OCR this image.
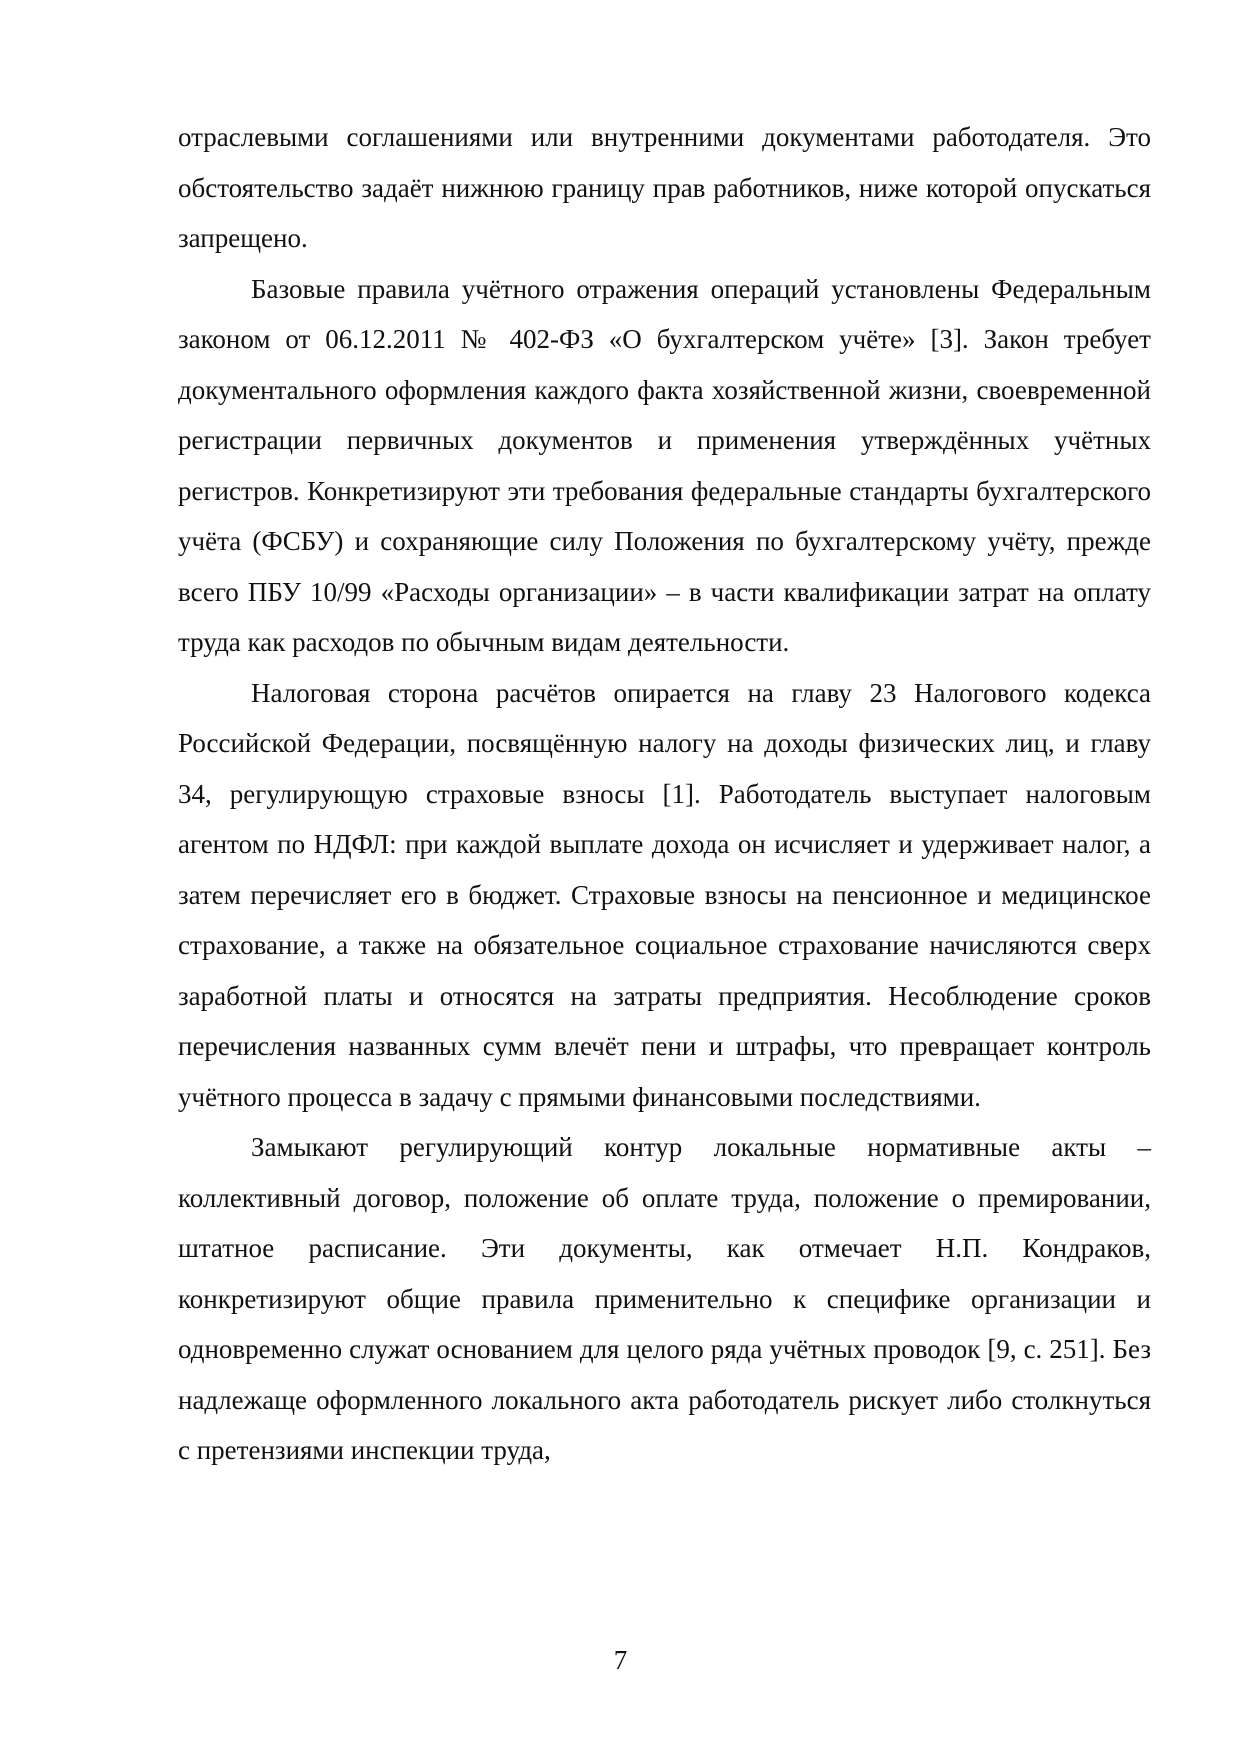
отраслевыми соглашениями или внутренними документами работодателя. Это обстоятельство задаёт нижнюю границу прав работников, ниже которой опускаться запрещено.

Базовые правила учётного отражения операций установлены Федеральным законом от 06.12.2011 № 402-ФЗ «О бухгалтерском учёте» [3]. Закон требует документального оформления каждого факта хозяйственной жизни, своевременной регистрации первичных документов и применения утверждённых учётных регистров. Конкретизируют эти требования федеральные стандарты бухгалтерского учёта (ФСБУ) и сохраняющие силу Положения по бухгалтерскому учёту, прежде всего ПБУ 10/99 «Расходы организации» – в части квалификации затрат на оплату труда как расходов по обычным видам деятельности.

Налоговая сторона расчётов опирается на главу 23 Налогового кодекса Российской Федерации, посвящённую налогу на доходы физических лиц, и главу 34, регулирующую страховые взносы [1]. Работодатель выступает налоговым агентом по НДФЛ: при каждой выплате дохода он исчисляет и удерживает налог, а затем перечисляет его в бюджет. Страховые взносы на пенсионное и медицинское страхование, а также на обязательное социальное страхование начисляются сверх заработной платы и относятся на затраты предприятия. Несоблюдение сроков перечисления названных сумм влечёт пени и штрафы, что превращает контроль учётного процесса в задачу с прямыми финансовыми последствиями.

Замыкают регулирующий контур локальные нормативные акты – коллективный договор, положение об оплате труда, положение о премировании, штатное расписание. Эти документы, как отмечает Н.П. Кондраков, конкретизируют общие правила применительно к специфике организации и одновременно служат основанием для целого ряда учётных проводок [9, с. 251]. Без надлежаще оформленного локального акта работодатель рискует либо столкнуться с претензиями инспекции труда,

7
